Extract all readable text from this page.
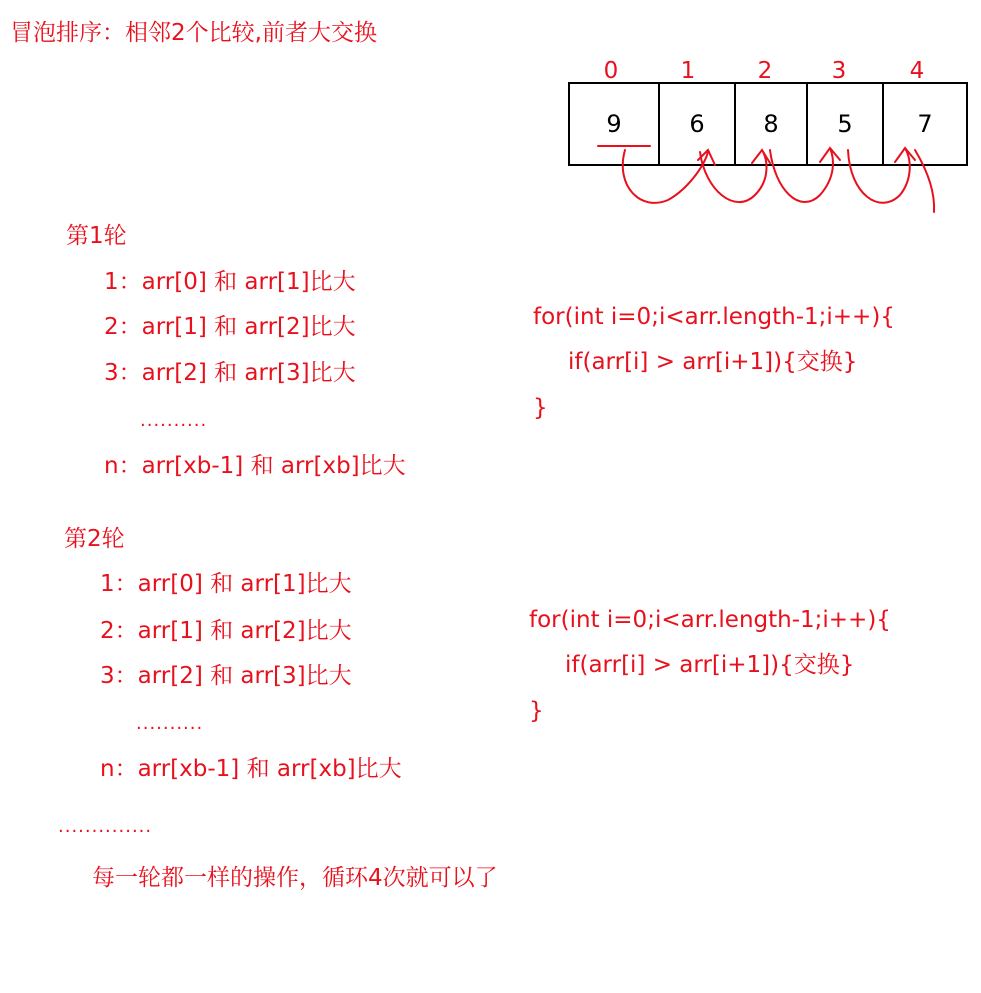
冒泡排序：相邻2个比较,前者大交换
0	1	2	3	4
9	6	8	5	7
第1轮
1：arr[0] 和 arr[1]比大
2：arr[1] 和 arr[2]比大
3：arr[2] 和 arr[3]比大
..........
n：arr[xb-1] 和 arr[xb]比大
for(int i=0;i<arr.length-1;i++){
if(arr[i] > arr[i+1]){交换}
}
第2轮
1：arr[0] 和 arr[1]比大
2：arr[1] 和 arr[2]比大
3：arr[2] 和 arr[3]比大
..........
n：arr[xb-1] 和 arr[xb]比大
for(int i=0;i<arr.length-1;i++){
if(arr[i] > arr[i+1]){交换}
}
..............
每一轮都一样的操作，循环4次就可以了
